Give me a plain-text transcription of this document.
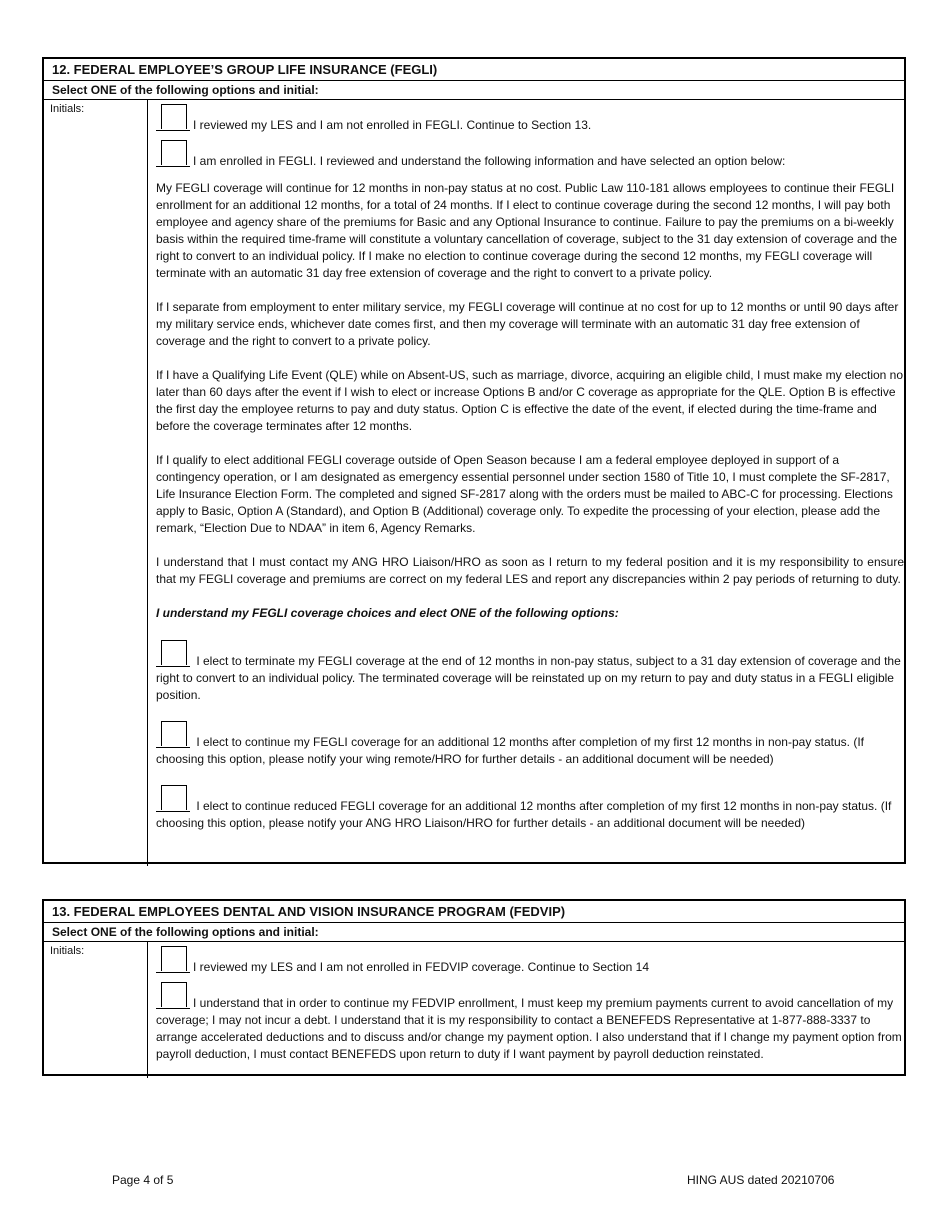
12. FEDERAL EMPLOYEE’S GROUP LIFE INSURANCE (FEGLI)
Select ONE of the following options and initial:
Initials:
I reviewed my LES and I am not enrolled in FEGLI. Continue to Section 13.
I am enrolled in FEGLI. I reviewed and understand the following information and have selected an option below:

My FEGLI coverage will continue for 12 months in non-pay status at no cost. Public Law 110-181 allows employees to continue their FEGLI enrollment for an additional 12 months, for a total of 24 months. If I elect to continue coverage during the second 12 months, I will pay both employee and agency share of the premiums for Basic and any Optional Insurance to continue. Failure to pay the premiums on a bi-weekly basis within the required time-frame will constitute a voluntary cancellation of coverage, subject to the 31 day extension of coverage and the right to convert to an individual policy. If I make no election to continue coverage during the second 12 months, my FEGLI coverage will terminate with an automatic 31 day free extension of coverage and the right to convert to a private policy.

If I separate from employment to enter military service, my FEGLI coverage will continue at no cost for up to 12 months or until 90 days after my military service ends, whichever date comes first, and then my coverage will terminate with an automatic 31 day free extension of coverage and the right to convert to a private policy.

If I have a Qualifying Life Event (QLE) while on Absent-US, such as marriage, divorce, acquiring an eligible child, I must make my election no later than 60 days after the event if I wish to elect or increase Options B and/or C coverage as appropriate for the QLE. Option B is effective the first day the employee returns to pay and duty status. Option C is effective the date of the event, if elected during the time-frame and before the coverage terminates after 12 months.

If I qualify to elect additional FEGLI coverage outside of Open Season because I am a federal employee deployed in support of a contingency operation, or I am designated as emergency essential personnel under section 1580 of Title 10, I must complete the SF-2817, Life Insurance Election Form. The completed and signed SF-2817 along with the orders must be mailed to ABC-C for processing. Elections apply to Basic, Option A (Standard), and Option B (Additional) coverage only. To expedite the processing of your election, please add the remark, “Election Due to NDAA” in item 6, Agency Remarks.

I understand that I must contact my ANG HRO Liaison/HRO as soon as I return to my federal position and it is my responsibility to ensure that my FEGLI coverage and premiums are correct on my federal LES and report any discrepancies within 2 pay periods of returning to duty.

I understand my FEGLI coverage choices and elect ONE of the following options:

I elect to terminate my FEGLI coverage at the end of 12 months in non-pay status, subject to a 31 day extension of coverage and the right to convert to an individual policy. The terminated coverage will be reinstated up on my return to pay and duty status in a FEGLI eligible position.
I elect to continue my FEGLI coverage for an additional 12 months after completion of my first 12 months in non-pay status. (If choosing this option, please notify your wing remote/HRO for further details - an additional document will be needed)
I elect to continue reduced FEGLI coverage for an additional 12 months after completion of my first 12 months in non-pay status. (If choosing this option, please notify your ANG HRO Liaison/HRO for further details - an additional document will be needed)
13. FEDERAL EMPLOYEES DENTAL AND VISION INSURANCE PROGRAM (FEDVIP)
Select ONE of the following options and initial:
Initials:
I reviewed my LES and I am not enrolled in FEDVIP coverage. Continue to Section 14
I understand that in order to continue my FEDVIP enrollment, I must keep my premium payments current to avoid cancellation of my coverage; I may not incur a debt. I understand that it is my responsibility to contact a BENEFEDS Representative at 1-877-888-3337 to arrange accelerated deductions and to discuss and/or change my payment option. I also understand that if I change my payment option from payroll deduction, I must contact BENEFEDS upon return to duty if I want payment by payroll deduction reinstated.
Page 4 of 5	HING AUS dated 20210706
